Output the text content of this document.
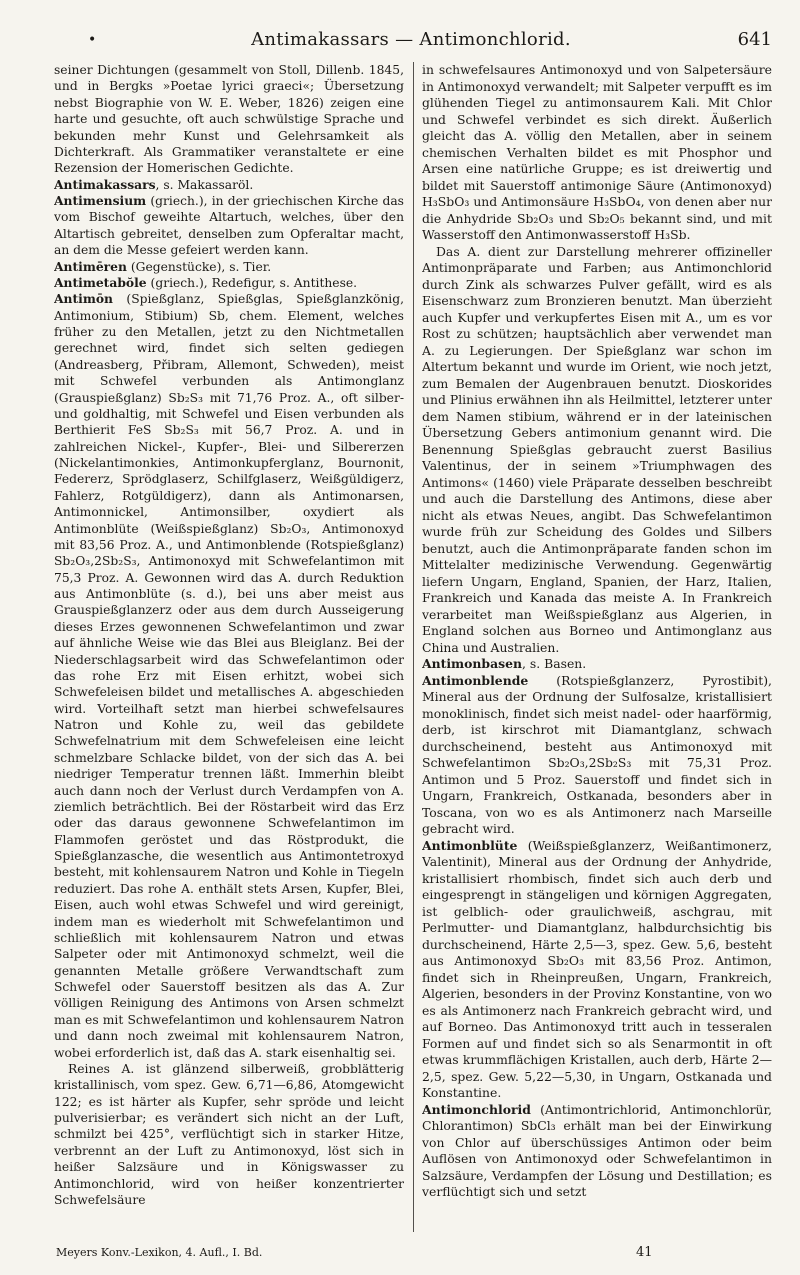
•	Antimakassars — Antimonchlorid.	641

seiner Dichtungen (gesammelt von Stoll, Dillenb. 1845, und in Bergks »Poetae lyrici graeci«; Übersetzung nebst Biographie von W. E. Weber, 1826) zeigen eine harte und gesuchte, oft auch schwülstige Sprache und bekunden mehr Kunst und Gelehrsamkeit als Dichterkraft. Als Grammatiker veranstaltete er eine Rezension der Homerischen Gedichte.

Antimakassars, s. Makassaröl.

Antimensium (griech.), in der griechischen Kirche das vom Bischof geweihte Altartuch, welches, über den Altartisch gebreitet, denselben zum Opferaltar macht, an dem die Messe gefeiert werden kann.

Antimēren (Gegenstücke), s. Tier.

Antimetabŏle (griech.), Redefigur, s. Antithese.

Antimōn (Spießglanz, Spießglas, Spießglanzkönig, Antimonium, Stibium) Sb, chem. Element, welches früher zu den Metallen, jetzt zu den Nichtmetallen gerechnet wird, findet sich selten gediegen (Andreasberg, Přibram, Allemont, Schweden), meist mit Schwefel verbunden als Antimonglanz (Grauspießglanz) Sb₂S₃ mit 71,76 Proz. A., oft silber- und goldhaltig, mit Schwefel und Eisen verbunden als Berthierit FeS Sb₂S₃ mit 56,7 Proz. A. und in zahlreichen Nickel-, Kupfer-, Blei- und Silbererzen (Nickelantimonkies, Antimonkupferglanz, Bournonit, Federerz, Sprödglaserz, Schilfglaserz, Weißgüldigerz, Fahlerz, Rotgüldigerz), dann als Antimonarsen, Antimonnickel, Antimonsilber, oxydiert als Antimonblüte (Weißspießglanz) Sb₂O₃, Antimonoxyd mit 83,56 Proz. A., und Antimonblende (Rotspießglanz) Sb₂O₃,2Sb₂S₃, Antimonoxyd mit Schwefelantimon mit 75,3 Proz. A. Gewonnen wird das A. durch Reduktion aus Antimonblüte (s. d.), bei uns aber meist aus Grauspießglanzerz oder aus dem durch Ausseigerung dieses Erzes gewonnenen Schwefelantimon und zwar auf ähnliche Weise wie das Blei aus Bleiglanz. Bei der Niederschlagsarbeit wird das Schwefelantimon oder das rohe Erz mit Eisen erhitzt, wobei sich Schwefeleisen bildet und metallisches A. abgeschieden wird. Vorteilhaft setzt man hierbei schwefelsaures Natron und Kohle zu, weil das gebildete Schwefelnatrium mit dem Schwefeleisen eine leicht schmelzbare Schlacke bildet, von der sich das A. bei niedriger Temperatur trennen läßt. Immerhin bleibt auch dann noch der Verlust durch Verdampfen von A. ziemlich beträchtlich. Bei der Röstarbeit wird das Erz oder das daraus gewonnene Schwefelantimon im Flammofen geröstet und das Röstprodukt, die Spießglanzasche, die wesentlich aus Antimontetroxyd besteht, mit kohlensaurem Natron und Kohle in Tiegeln reduziert. Das rohe A. enthält stets Arsen, Kupfer, Blei, Eisen, auch wohl etwas Schwefel und wird gereinigt, indem man es wiederholt mit Schwefelantimon und schließlich mit kohlensaurem Natron und etwas Salpeter oder mit Antimonoxyd schmelzt, weil die genannten Metalle größere Verwandtschaft zum Schwefel oder Sauerstoff besitzen als das A. Zur völligen Reinigung des Antimons von Arsen schmelzt man es mit Schwefelantimon und kohlensaurem Natron und dann noch zweimal mit kohlensaurem Natron, wobei erforderlich ist, daß das A. stark eisenhaltig sei.

Reines A. ist glänzend silberweiß, grobblätterig kristallinisch, vom spez. Gew. 6,71—6,86, Atomgewicht 122; es ist härter als Kupfer, sehr spröde und leicht pulverisierbar; es verändert sich nicht an der Luft, schmilzt bei 425°, verflüchtigt sich in starker Hitze, verbrennt an der Luft zu Antimonoxyd, löst sich in heißer Salzsäure und in Königswasser zu Antimonchlorid, wird von heißer konzentrierter Schwefelsäure

in schwefelsaures Antimonoxyd und von Salpetersäure in Antimonoxyd verwandelt; mit Salpeter verpufft es im glühenden Tiegel zu antimonsaurem Kali. Mit Chlor und Schwefel verbindet es sich direkt. Äußerlich gleicht das A. völlig den Metallen, aber in seinem chemischen Verhalten bildet es mit Phosphor und Arsen eine natürliche Gruppe; es ist dreiwertig und bildet mit Sauerstoff antimonige Säure (Antimonoxyd) H₃SbO₃ und Antimonsäure H₃SbO₄, von denen aber nur die Anhydride Sb₂O₃ und Sb₂O₅ bekannt sind, und mit Wasserstoff den Antimonwasserstoff H₃Sb.

Das A. dient zur Darstellung mehrerer offizineller Antimonpräparate und Farben; aus Antimonchlorid durch Zink als schwarzes Pulver gefällt, wird es als Eisenschwarz zum Bronzieren benutzt. Man überzieht auch Kupfer und verkupfertes Eisen mit A., um es vor Rost zu schützen; hauptsächlich aber verwendet man A. zu Legierungen. Der Spießglanz war schon im Altertum bekannt und wurde im Orient, wie noch jetzt, zum Bemalen der Augenbrauen benutzt. Dioskorides und Plinius erwähnen ihn als Heilmittel, letzterer unter dem Namen stibium, während er in der lateinischen Übersetzung Gebers antimonium genannt wird. Die Benennung Spießglas gebraucht zuerst Basilius Valentinus, der in seinem »Triumphwagen des Antimons« (1460) viele Präparate desselben beschreibt und auch die Darstellung des Antimons, diese aber nicht als etwas Neues, angibt. Das Schwefelantimon wurde früh zur Scheidung des Goldes und Silbers benutzt, auch die Antimonpräparate fanden schon im Mittelalter medizinische Verwendung. Gegenwärtig liefern Ungarn, England, Spanien, der Harz, Italien, Frankreich und Kanada das meiste A. In Frankreich verarbeitet man Weißspießglanz aus Algerien, in England solchen aus Borneo und Antimonglanz aus China und Australien.

Antimonbasen, s. Basen.

Antimonblende (Rotspießglanzerz, Pyrostibit), Mineral aus der Ordnung der Sulfosalze, kristallisiert monoklinisch, findet sich meist nadel- oder haarförmig, derb, ist kirschrot mit Diamantglanz, schwach durchscheinend, besteht aus Antimonoxyd mit Schwefelantimon Sb₂O₃,2Sb₂S₃ mit 75,31 Proz. Antimon und 5 Proz. Sauerstoff und findet sich in Ungarn, Frankreich, Ostkanada, besonders aber in Toscana, von wo es als Antimonerz nach Marseille gebracht wird.

Antimonblüte (Weißspießglanzerz, Weißantimonerz, Valentinit), Mineral aus der Ordnung der Anhydride, kristallisiert rhombisch, findet sich auch derb und eingesprengt in stängeligen und körnigen Aggregaten, ist gelblich- oder graulichweiß, aschgrau, mit Perlmutter- und Diamantglanz, halbdurchsichtig bis durchscheinend, Härte 2,5—3, spez. Gew. 5,6, besteht aus Antimonoxyd Sb₂O₃ mit 83,56 Proz. Antimon, findet sich in Rheinpreußen, Ungarn, Frankreich, Algerien, besonders in der Provinz Konstantine, von wo es als Antimonerz nach Frankreich gebracht wird, und auf Borneo. Das Antimonoxyd tritt auch in tesseralen Formen auf und findet sich so als Senarmontit in oft etwas krummflächigen Kristallen, auch derb, Härte 2—2,5, spez. Gew. 5,22—5,30, in Ungarn, Ostkanada und Konstantine.

Antimonchlorid (Antimontrichlorid, Antimonchlorür, Chlorantimon) SbCl₃ erhält man bei der Einwirkung von Chlor auf überschüssiges Antimon oder beim Auflösen von Antimonoxyd oder Schwefelantimon in Salzsäure, Verdampfen der Lösung und Destillation; es verflüchtigt sich und setzt

Meyers Konv.-Lexikon, 4. Aufl., I. Bd.	41
